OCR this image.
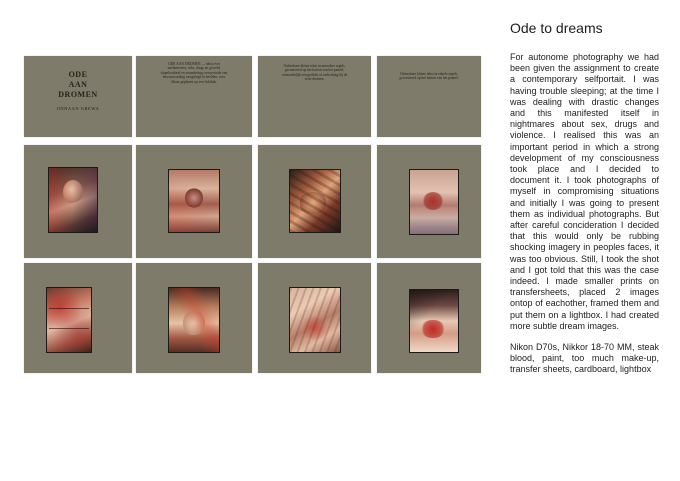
ODE
AAN
DROMEN
ONNAAN GREWA
ODE AAN DROMEN — tekst over nachtmerries, seks, drugs en geweld, slapeloosheid en verandering; een periode van bewustwording vastgelegd in beelden, over elkaar geplaatst op een lichtbak.
Onleesbare kleine tekst in meerdere regels, gecentreerd op het karton van het paneel, vermoedelijk een gedicht of toelichting bij de serie dromen.
Onleesbare kleine tekst in enkele regels, gecentreerd op het karton van het paneel.
Ode to dreams

For autonome photography we had been given the assignment to create a contemporary selfportait. I was having trouble sleeping; at the time I was dealing with drastic changes and this manifested itself in nightmares about sex, drugs and violence. I realised this was an important period in which a strong development of my consciousness took place and I decided to document it. I took photographs of myself in compromising situations and initially I was going to present them as individual photographs. But after careful concideration I decided that this would only be rubbing shocking imagery in peoples faces, it was too obvious. Still, I took the shot and I got told that this was the case indeed. I made smaller prints on transfersheets, placed 2 images ontop of eachother, framed them and put them on a lightbox. I had created more subtle dream images.

Nikon D70s, Nikkor 18-70 MM, steak blood, paint, too much make-up, transfer sheets, cardboard, lightbox
